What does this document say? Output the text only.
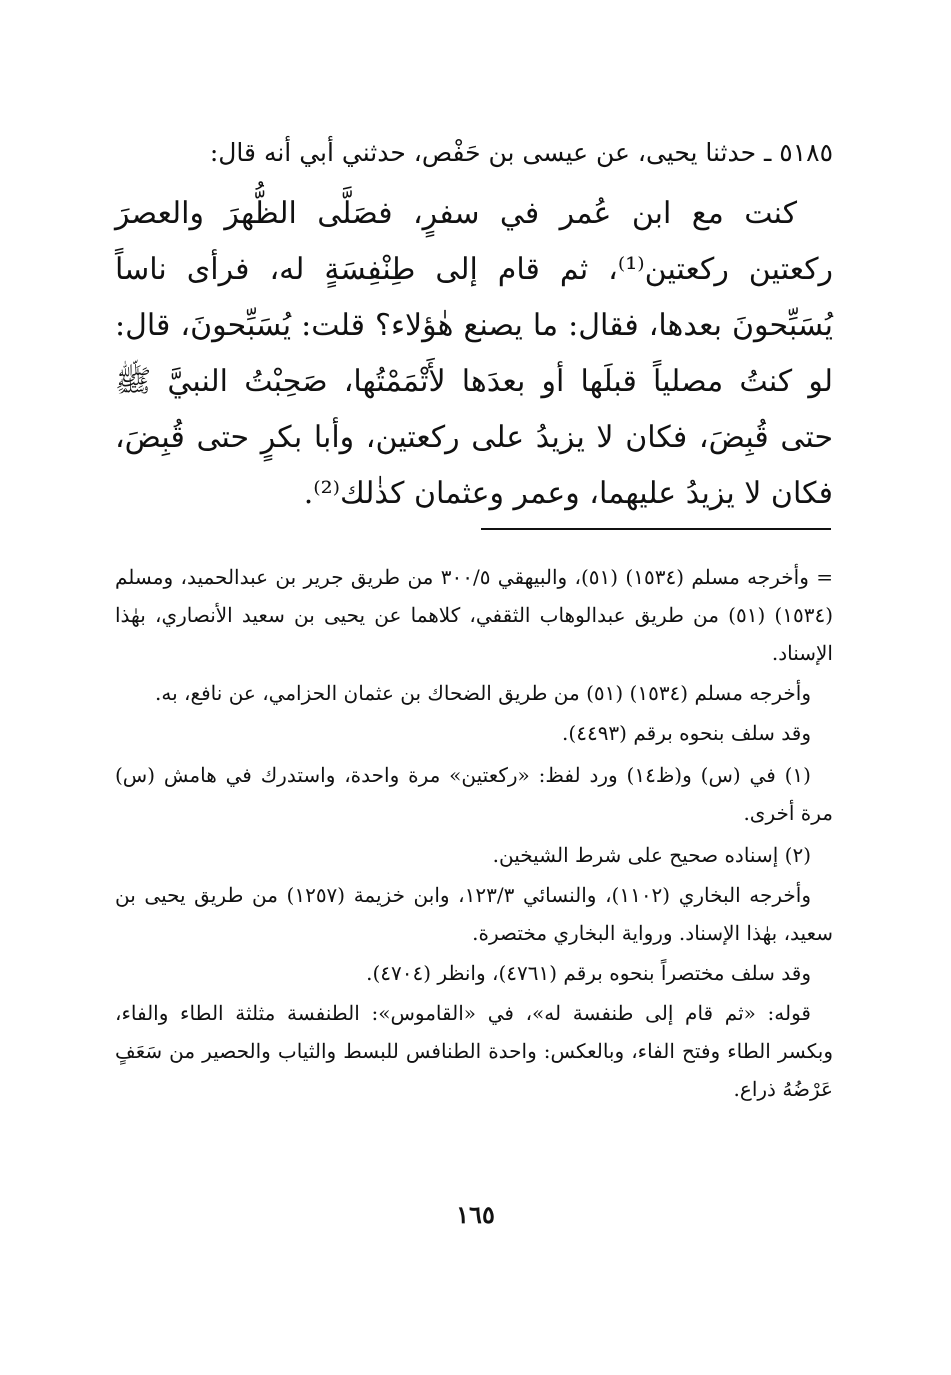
٥١٨٥ ـ حدثنا يحيى، عن عيسى بن حَفْص، حدثني أبي أنه قال:

كنت مع ابن عُمر في سفرٍ، فصَلَّى الظُّهرَ والعصرَ ركعتين ركعتين⁽¹⁾، ثم قام إلى طِنْفِسَةٍ له، فرأى ناساً يُسَبِّحونَ بعدها، فقال: ما يصنع هٰؤلاء؟ قلت: يُسَبِّحونَ، قال: لو كنتُ مصلياً قبلَها أو بعدَها لأَتْمَمْتُها، صَحِبْتُ النبيَّ ﷺ حتى قُبِضَ، فكان لا يزيدُ على ركعتين، وأبا بكرٍ حتى قُبِضَ، فكان لا يزيدُ عليهما، وعمر وعثمان كذٰلك⁽²⁾.

= وأخرجه مسلم (١٥٣٤) (٥١)، والبيهقي ٣٠٠/٥ من طريق جرير بن عبدالحميد، ومسلم (١٥٣٤) (٥١) من طريق عبدالوهاب الثقفي، كلاهما عن يحيى بن سعيد الأنصاري، بهٰذا الإسناد.

وأخرجه مسلم (١٥٣٤) (٥١) من طريق الضحاك بن عثمان الحزامي، عن نافع، به.

وقد سلف بنحوه برقم (٤٤٩٣).

(١) في (س) و(ظ١٤) ورد لفظ: «ركعتين» مرة واحدة، واستدرك في هامش (س) مرة أخرى.

(٢) إسناده صحيح على شرط الشيخين.

وأخرجه البخاري (١١٠٢)، والنسائي ١٢٣/٣، وابن خزيمة (١٢٥٧) من طريق يحيى بن سعيد، بهٰذا الإسناد. ورواية البخاري مختصرة.

وقد سلف مختصراً بنحوه برقم (٤٧٦١)، وانظر (٤٧٠٤).

قوله: «ثم قام إلى طنفسة له»، في «القاموس»: الطنفسة مثلثة الطاء والفاء، وبكسر الطاء وفتح الفاء، وبالعكس: واحدة الطنافس للبسط والثياب والحصير من سَعَفٍ عَرْضُهُ ذراع.

١٦٥
